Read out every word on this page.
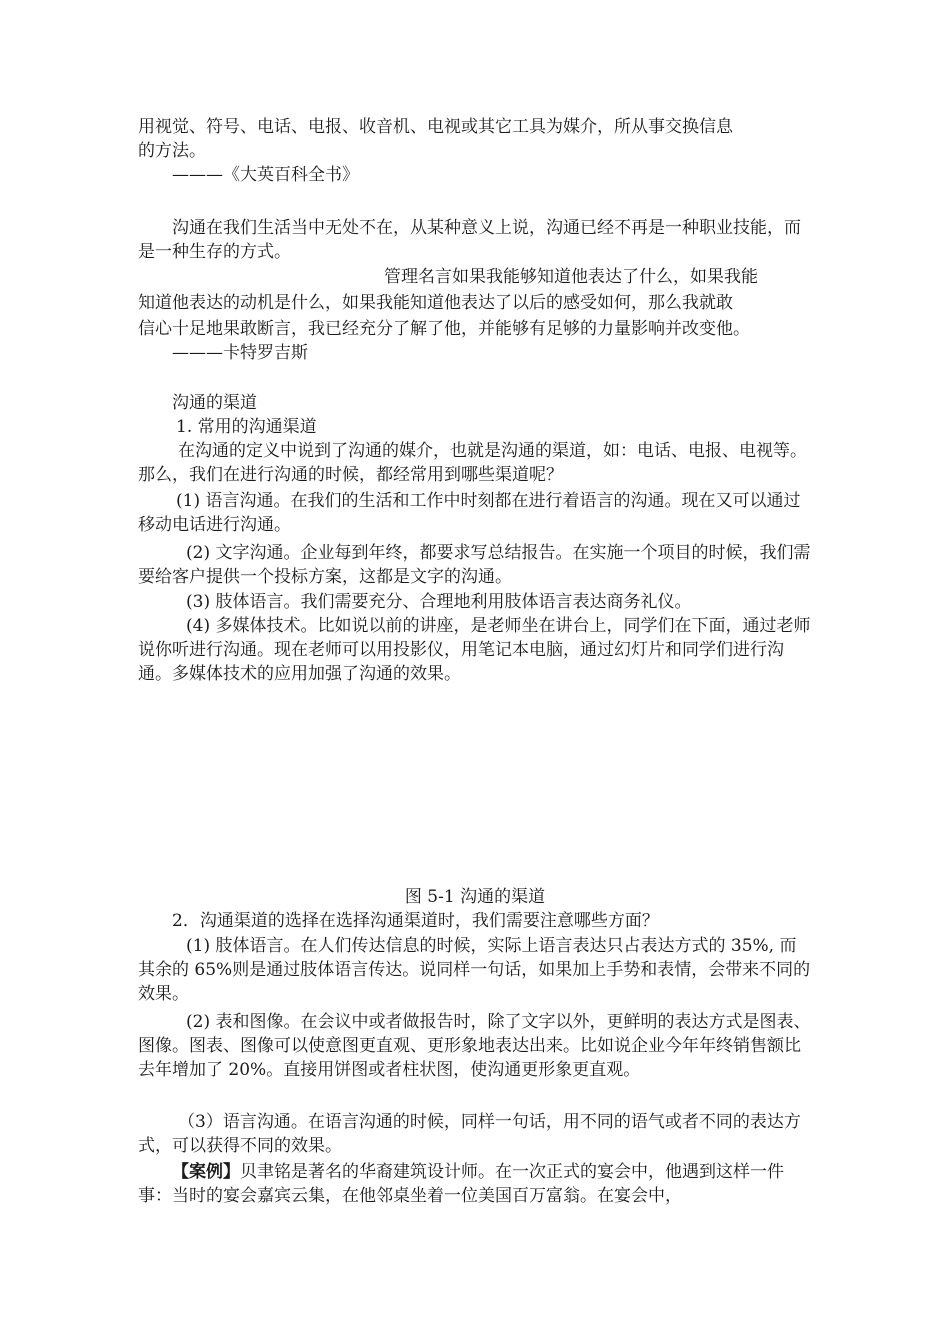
用视觉、符号、电话、电报、收音机、电视或其它工具为媒介，所从事交换信息
的方法。
———《大英百科全书》
沟通在我们生活当中无处不在，从某种意义上说，沟通已经不再是一种职业技能，而是一种生存的方式。
管理名言如果我能够知道他表达了什么，如果我能
知道他表达的动机是什么，如果我能知道他表达了以后的感受如何，那么我就敢
信心十足地果敢断言，我已经充分了解了他，并能够有足够的力量影响并改变他。
———卡特罗吉斯
沟通的渠道
1. 常用的沟通渠道
在沟通的定义中说到了沟通的媒介，也就是沟通的渠道，如：电话、电报、电视等。那么，我们在进行沟通的时候，都经常用到哪些渠道呢？
(1) 语言沟通。在我们的生活和工作中时刻都在进行着语言的沟通。现在又可以通过移动电话进行沟通。
(2) 文字沟通。企业每到年终，都要求写总结报告。在实施一个项目的时候，我们需要给客户提供一个投标方案，这都是文字的沟通。
(3) 肢体语言。我们需要充分、合理地利用肢体语言表达商务礼仪。
(4) 多媒体技术。比如说以前的讲座，是老师坐在讲台上，同学们在下面，通过老师说你听进行沟通。现在老师可以用投影仪，用笔记本电脑，通过幻灯片和同学们进行沟通。多媒体技术的应用加强了沟通的效果。
图 5-1 沟通的渠道
2．沟通渠道的选择在选择沟通渠道时，我们需要注意哪些方面？
(1) 肢体语言。在人们传达信息的时候，实际上语言表达只占表达方式的 35%, 而其余的 65%则是通过肢体语言传达。说同样一句话，如果加上手势和表情，会带来不同的效果。
(2) 表和图像。在会议中或者做报告时，除了文字以外，更鲜明的表达方式是图表、图像。图表、图像可以使意图更直观、更形象地表达出来。比如说企业今年年终销售额比去年增加了 20%。直接用饼图或者柱状图，使沟通更形象更直观。
（3）语言沟通。在语言沟通的时候，同样一句话，用不同的语气或者不同的表达方式，可以获得不同的效果。
【案例】贝聿铭是著名的华裔建筑设计师。在一次正式的宴会中，他遇到这样一件事：当时的宴会嘉宾云集，在他邻桌坐着一位美国百万富翁。在宴会中，
